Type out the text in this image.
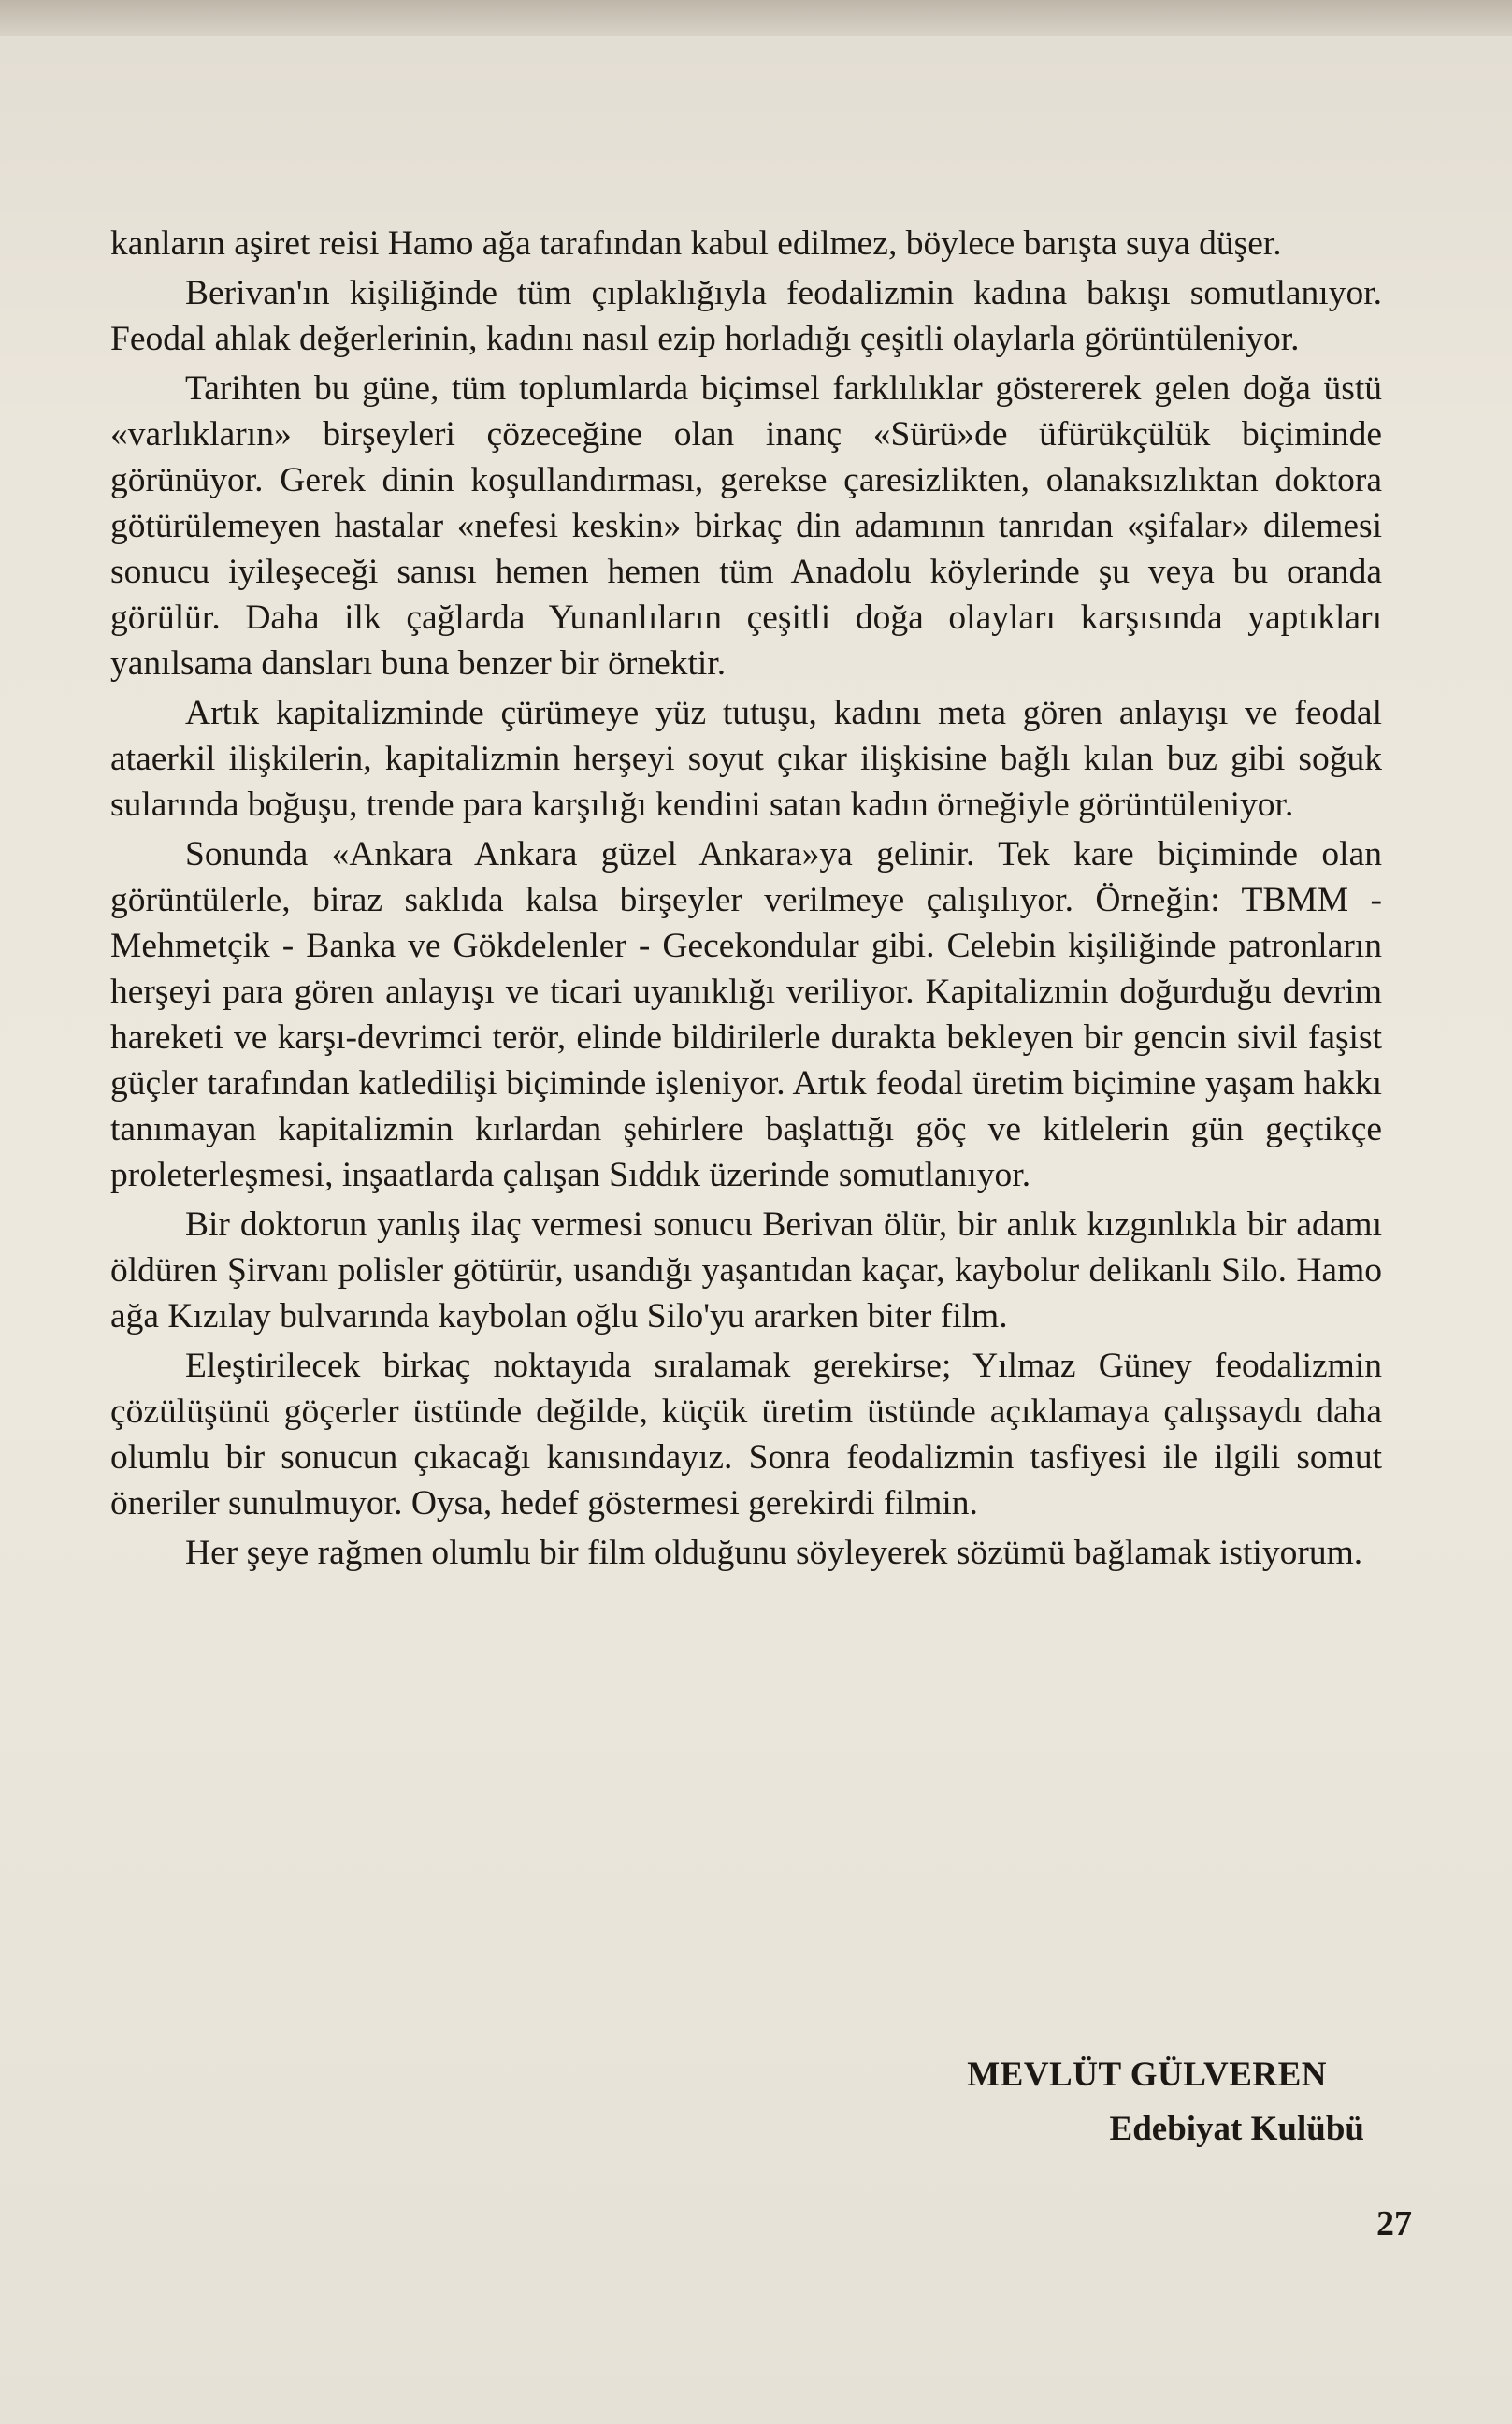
kanların aşiret reisi Hamo ağa tarafından kabul edilmez, böylece barışta suya düşer.

Berivan'ın kişiliğinde tüm çıplaklığıyla feodalizmin kadına bakışı somutlanıyor. Feodal ahlak değerlerinin, kadını nasıl ezip horladığı çeşitli olaylarla görüntüleniyor.

Tarihten bu güne, tüm toplumlarda biçimsel farklılıklar göstererek gelen doğa üstü «varlıkların» birşeyleri çözeceğine olan inanç «Sürü»de üfürükçülük biçiminde görünüyor. Gerek dinin koşullandırması, gerekse çaresizlikten, olanaksızlıktan doktora götürülemeyen hastalar «nefesi keskin» birkaç din adamının tanrıdan «şifalar» dilemesi sonucu iyileşeceği sanısı hemen hemen tüm Anadolu köylerinde şu veya bu oranda görülür. Daha ilk çağlarda Yunanlıların çeşitli doğa olayları karşısında yaptıkları yanılsama dansları buna benzer bir örnektir.

Artık kapitalizminde çürümeye yüz tutuşu, kadını meta gören anlayışı ve feodal ataerkil ilişkilerin, kapitalizmin herşeyi soyut çıkar ilişkisine bağlı kılan buz gibi soğuk sularında boğuşu, trende para karşılığı kendini satan kadın örneğiyle görüntüleniyor.

Sonunda «Ankara Ankara güzel Ankara»ya gelinir. Tek kare biçiminde olan görüntülerle, biraz saklıda kalsa birşeyler verilmeye çalışılıyor. Örneğin: TBMM - Mehmetçik - Banka ve Gökdelenler - Gecekondular gibi. Celebin kişiliğinde patronların herşeyi para gören anlayışı ve ticari uyanıklığı veriliyor. Kapitalizmin doğurduğu devrim hareketi ve karşı-devrimci terör, elinde bildirilerle durakta bekleyen bir gencin sivil faşist güçler tarafından katledilişi biçiminde işleniyor. Artık feodal üretim biçimine yaşam hakkı tanımayan kapitalizmin kırlardan şehirlere başlattığı göç ve kitlelerin gün geçtikçe proleterleşmesi, inşaatlarda çalışan Sıddık üzerinde somutlanıyor.

Bir doktorun yanlış ilaç vermesi sonucu Berivan ölür, bir anlık kızgınlıkla bir adamı öldüren Şirvanı polisler götürür, usandığı yaşantıdan kaçar, kaybolur delikanlı Silo. Hamo ağa Kızılay bulvarında kaybolan oğlu Silo'yu ararken biter film.

Eleştirilecek birkaç noktayıda sıralamak gerekirse; Yılmaz Güney feodalizmin çözülüşünü göçerler üstünde değilde, küçük üretim üstünde açıklamaya çalışsaydı daha olumlu bir sonucun çıkacağı kanısındayız. Sonra feodalizmin tasfiyesi ile ilgili somut öneriler sunulmuyor. Oysa, hedef göstermesi gerekirdi filmin.

Her şeye rağmen olumlu bir film olduğunu söyleyerek sözümü bağlamak istiyorum.

MEVLÜT GÜLVEREN
Edebiyat Kulübü
27
